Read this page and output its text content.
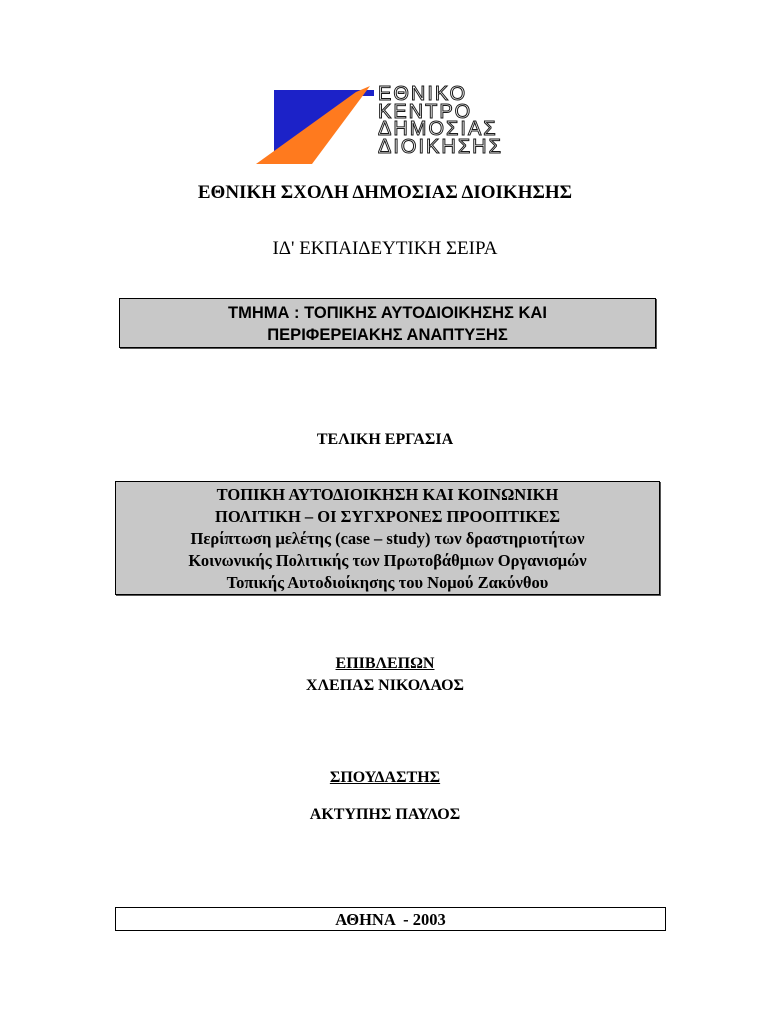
ΕΘΝΙΚΟ
ΚΕΝΤΡΟ
ΔΗΜΟΣΙΑΣ
ΔΙΟΙΚΗΣΗΣ
ΕΘΝΙΚΗ ΣΧΟΛΗ ΔΗΜΟΣΙΑΣ ΔΙΟΙΚΗΣΗΣ
ΙΔ' ΕΚΠΑΙΔΕΥΤΙΚΗ ΣΕΙΡΑ
ΤΜΗΜΑ : ΤΟΠΙΚΗΣ ΑΥΤΟΔΙΟΙΚΗΣΗΣ ΚΑΙ
ΠΕΡΙΦΕΡΕΙΑΚΗΣ ΑΝΑΠΤΥΞΗΣ
ΤΕΛΙΚΗ ΕΡΓΑΣΙΑ
ΤΟΠΙΚΗ ΑΥΤΟΔΙΟΙΚΗΣΗ ΚΑΙ ΚΟΙΝΩΝΙΚΗ
ΠΟΛΙΤΙΚΗ – ΟΙ ΣΥΓΧΡΟΝΕΣ ΠΡΟΟΠΤΙΚΕΣ
Περίπτωση μελέτης (case – study) των δραστηριοτήτων
Κοινωνικής Πολιτικής των Πρωτοβάθμιων Οργανισμών
Τοπικής Αυτοδιοίκησης του Νομού Ζακύνθου
ΕΠΙΒΛΕΠΩΝ
ΧΛΕΠΑΣ ΝΙΚΟΛΑΟΣ
ΣΠΟΥΔΑΣΤΗΣ
ΑΚΤΥΠΗΣ ΠΑΥΛΟΣ
ΑΘΗΝΑ  - 2003
